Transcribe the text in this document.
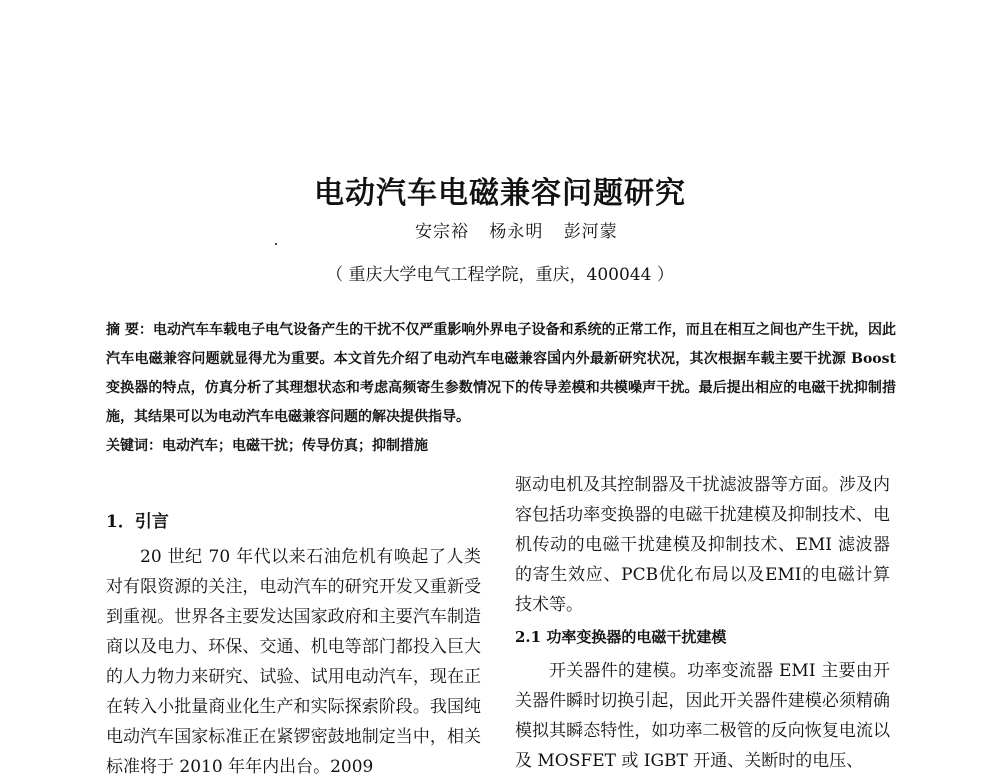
电动汽车电磁兼容问题研究
安宗裕 杨永明 彭河蒙
（ 重庆大学电气工程学院，重庆，400044 ）
摘 要：电动汽车车载电子电气设备产生的干扰不仅严重影响外界电子设备和系统的正常工作，而且在相互之间也产生干扰，因此汽车电磁兼容问题就显得尤为重要。本文首先介绍了电动汽车电磁兼容国内外最新研究状况，其次根据车载主要干扰源 Boost 变换器的特点，仿真分析了其理想状态和考虑高频寄生参数情况下的传导差模和共模噪声干扰。最后提出相应的电磁干扰抑制措施，其结果可以为电动汽车电磁兼容问题的解决提供指导。
关键词：电动汽车；电磁干扰；传导仿真；抑制措施
1．引言

20 世纪 70 年代以来石油危机有唤起了人类对有限资源的关注，电动汽车的研究开发又重新受到重视。世界各主要发达国家政府和主要汽车制造商以及电力、环保、交通、机电等部门都投入巨大的人力物力来研究、试验、试用电动汽车，现在正在转入小批量商业化生产和实际探索阶段。我国纯电动汽车国家标准正在紧锣密鼓地制定当中，相关标准将于 2010 年年内出台。2009

驱动电机及其控制器及干扰滤波器等方面。涉及内容包括功率变换器的电磁干扰建模及抑制技术、电机传动的电磁干扰建模及抑制技术、EMI 滤波器的寄生效应、PCB优化布局以及EMI的电磁计算技术等。

2.1 功率变换器的电磁干扰建模

开关器件的建模。功率变流器 EMI 主要由开关器件瞬时切换引起，因此开关器件建模必须精确模拟其瞬态特性，如功率二极管的反向恢复电流以及 MOSFET 或 IGBT 开通、关断时的电压、
